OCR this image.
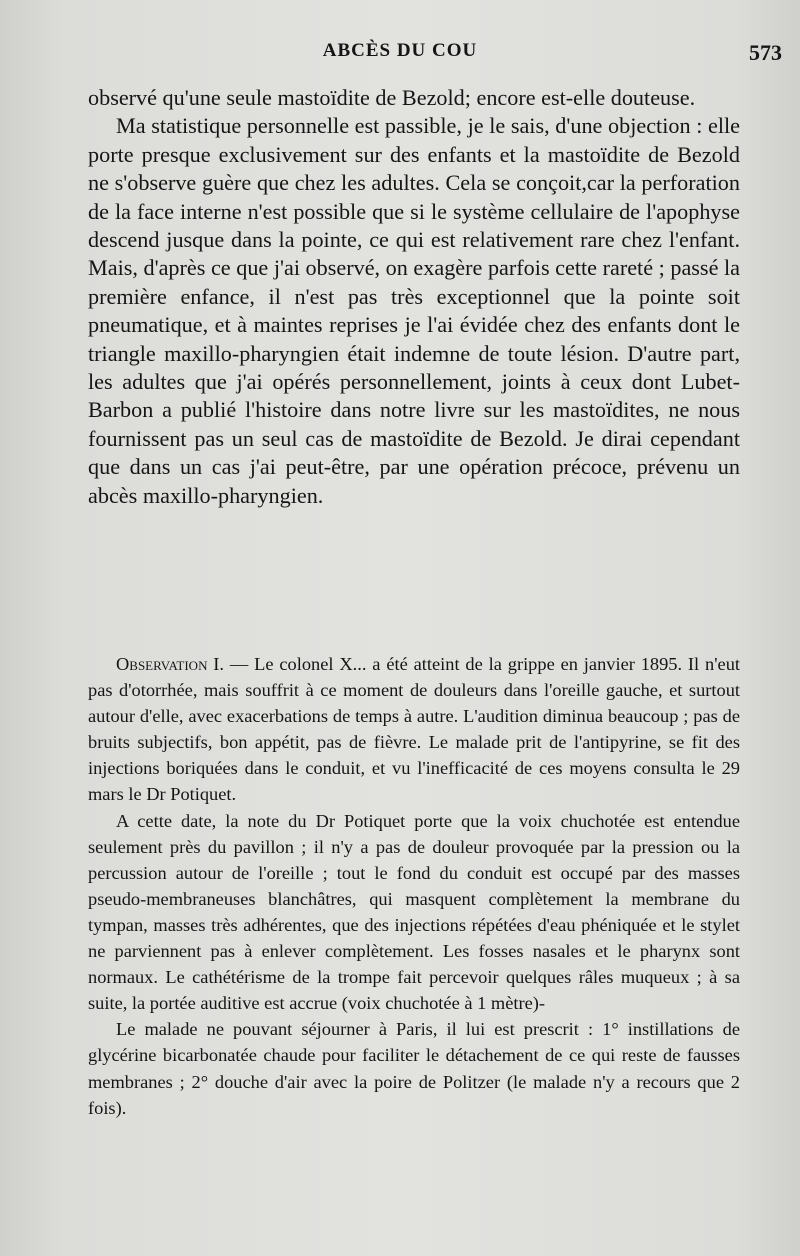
ABCÈS DU COU	573

observé qu'une seule mastoïdite de Bezold; encore est-elle douteuse.

Ma statistique personnelle est passible, je le sais, d'une objection : elle porte presque exclusivement sur des enfants et la mastoïdite de Bezold ne s'observe guère que chez les adultes. Cela se conçoit,car la perforation de la face interne n'est possible que si le système cellulaire de l'apophyse descend jusque dans la pointe, ce qui est relativement rare chez l'enfant. Mais, d'après ce que j'ai observé, on exagère parfois cette rareté ; passé la première enfance, il n'est pas très exceptionnel que la pointe soit pneumatique, et à maintes reprises je l'ai évidée chez des enfants dont le triangle maxillo-pharyngien était indemne de toute lésion. D'autre part, les adultes que j'ai opérés personnellement, joints à ceux dont Lubet-Barbon a publié l'histoire dans notre livre sur les mastoïdites, ne nous fournissent pas un seul cas de mastoïdite de Bezold. Je dirai cependant que dans un cas j'ai peut-être, par une opération précoce, prévenu un abcès maxillo-pharyngien.

Observation I. — Le colonel X... a été atteint de la grippe en janvier 1895. Il n'eut pas d'otorrhée, mais souffrit à ce moment de douleurs dans l'oreille gauche, et surtout autour d'elle, avec exacerbations de temps à autre. L'audition diminua beaucoup ; pas de bruits subjectifs, bon appétit, pas de fièvre. Le malade prit de l'antipyrine, se fit des injections boriquées dans le conduit, et vu l'inefficacité de ces moyens consulta le 29 mars le Dr Potiquet.

A cette date, la note du Dr Potiquet porte que la voix chuchotée est entendue seulement près du pavillon ; il n'y a pas de douleur provoquée par la pression ou la percussion autour de l'oreille ; tout le fond du conduit est occupé par des masses pseudo-membraneuses blanchâtres, qui masquent complètement la membrane du tympan, masses très adhérentes, que des injections répétées d'eau phéniquée et le stylet ne parviennent pas à enlever complètement. Les fosses nasales et le pharynx sont normaux. Le cathétérisme de la trompe fait percevoir quelques râles muqueux ; à sa suite, la portée auditive est accrue (voix chuchotée à 1 mètre)-

Le malade ne pouvant séjourner à Paris, il lui est prescrit : 1° instillations de glycérine bicarbonatée chaude pour faciliter le détachement de ce qui reste de fausses membranes ; 2° douche d'air avec la poire de Politzer (le malade n'y a recours que 2 fois).
